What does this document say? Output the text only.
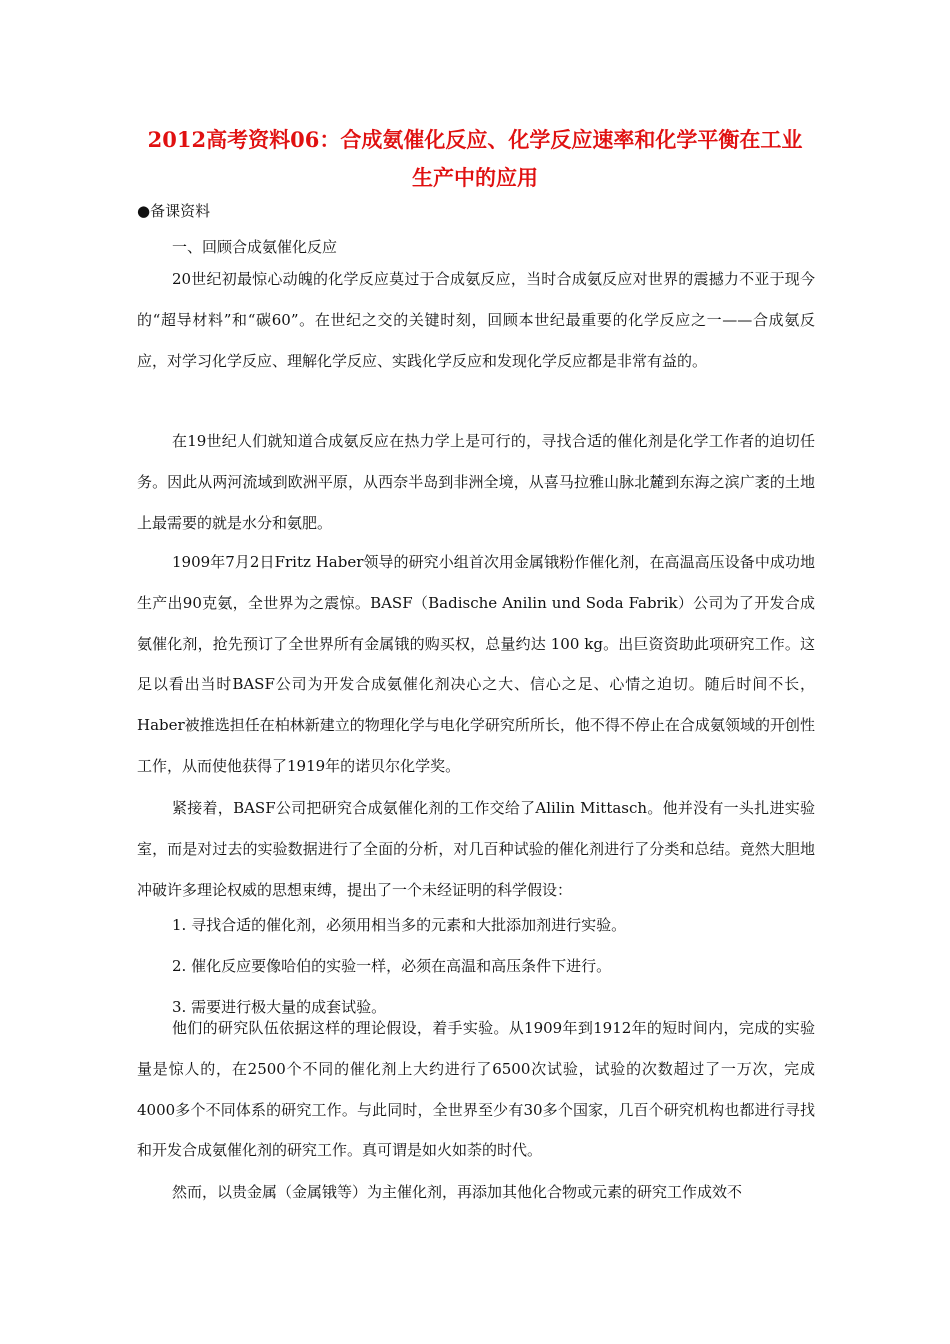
2012高考资料06：合成氨催化反应、化学反应速率和化学平衡在工业
生产中的应用

●备课资料

一、回顾合成氨催化反应

20世纪初最惊心动魄的化学反应莫过于合成氨反应，当时合成氨反应对世界的震撼力不亚于现今的“超导材料”和“碳60”。在世纪之交的关键时刻，回顾本世纪最重要的化学反应之一——合成氨反应，对学习化学反应、理解化学反应、实践化学反应和发现化学反应都是非常有益的。

在19世纪人们就知道合成氨反应在热力学上是可行的，寻找合适的催化剂是化学工作者的迫切任务。因此从两河流域到欧洲平原，从西奈半岛到非洲全境，从喜马拉雅山脉北麓到东海之滨广袤的土地上最需要的就是水分和氨肥。

1909年7月2日Fritz Haber领导的研究小组首次用金属锇粉作催化剂，在高温高压设备中成功地生产出90克氨，全世界为之震惊。BASF（Badische Anilin und Soda Fabrik）公司为了开发合成氨催化剂，抢先预订了全世界所有金属锇的购买权，总量约达 100 kg。出巨资资助此项研究工作。这足以看出当时BASF公司为开发合成氨催化剂决心之大、信心之足、心情之迫切。随后时间不长，Haber被推选担任在柏林新建立的物理化学与电化学研究所所长，他不得不停止在合成氨领域的开创性工作，从而使他获得了1919年的诺贝尔化学奖。

紧接着，BASF公司把研究合成氨催化剂的工作交给了Alilin Mittasch。他并没有一头扎进实验室，而是对过去的实验数据进行了全面的分析，对几百种试验的催化剂进行了分类和总结。竟然大胆地冲破许多理论权威的思想束缚，提出了一个未经证明的科学假设：

1. 寻找合适的催化剂，必须用相当多的元素和大批添加剂进行实验。
2. 催化反应要像哈伯的实验一样，必须在高温和高压条件下进行。
3. 需要进行极大量的成套试验。

他们的研究队伍依据这样的理论假设，着手实验。从1909年到1912年的短时间内，完成的实验量是惊人的，在2500个不同的催化剂上大约进行了6500次试验，试验的次数超过了一万次，完成4000多个不同体系的研究工作。与此同时，全世界至少有30多个国家，几百个研究机构也都进行寻找和开发合成氨催化剂的研究工作。真可谓是如火如荼的时代。

然而，以贵金属（金属锇等）为主催化剂，再添加其他化合物或元素的研究工作成效不
